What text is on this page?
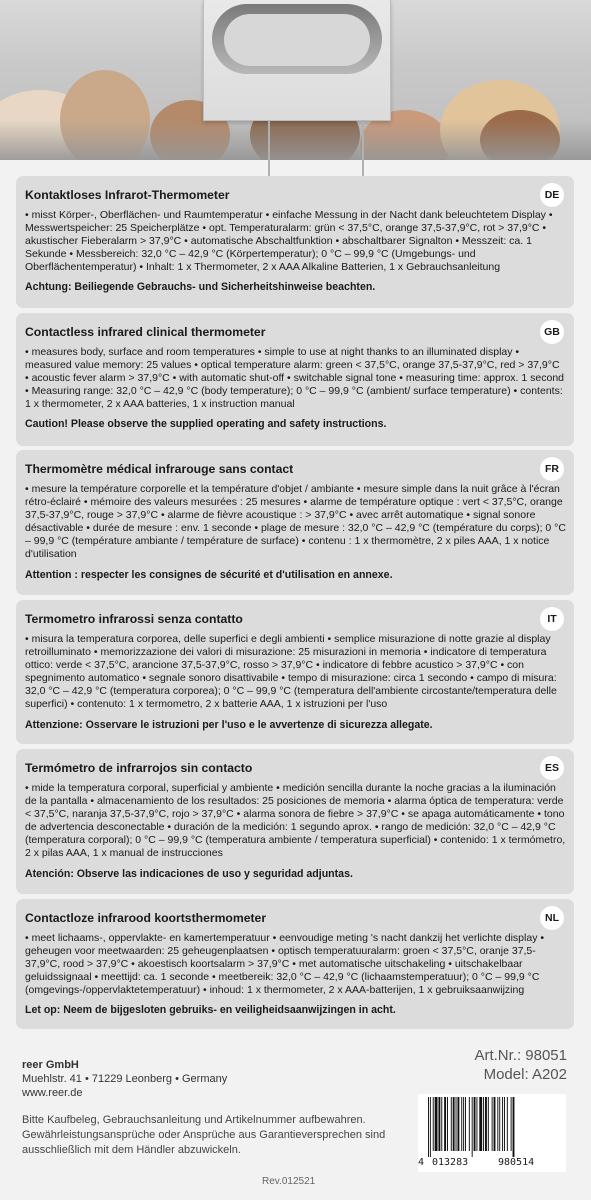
DE
Kontaktloses Infrarot-Thermometer
• misst Körper-, Oberflächen- und Raumtemperatur • einfache Messung in der Nacht dank beleuchtetem Display • Messwertspeicher: 25 Speicherplätze • opt. Temperaturalarm: grün < 37,5°C, orange 37,5-37,9°C, rot > 37,9°C • akustischer Fieberalarm > 37,9°C • automatische Abschaltfunktion • abschaltbarer Signalton • Messzeit: ca. 1 Sekunde • Messbereich: 32,0 °C – 42,9 °C (Körpertemperatur); 0 °C – 99,9 °C (Umgebungs- und Oberflächentemperatur) • Inhalt: 1 x Thermometer, 2 x AAA Alkaline Batterien, 1 x Gebrauchsanleitung
Achtung: Beiliegende Gebrauchs- und Sicherheitshinweise beachten.
GB
Contactless infrared clinical thermometer
• measures body, surface and room temperatures • simple to use at night thanks to an illuminated display • measured value memory: 25 values • optical temperature alarm: green < 37,5°C, orange 37,5-37,9°C, red > 37,9°C • acoustic fever alarm > 37,9°C • with automatic shut-off • switchable signal tone • measuring time: approx. 1 second • Measuring range: 32,0 °C – 42,9 °C (body temperature); 0 °C – 99,9 °C (ambient/ surface temperature) • contents: 1 x thermometer, 2 x AAA batteries, 1 x instruction manual
Caution! Please observe the supplied operating and safety instructions.
FR
Thermomètre médical infrarouge sans contact
• mesure la température corporelle et la température d'objet / ambiante • mesure simple dans la nuit grâce à l'écran rétro-éclairé • mémoire des valeurs mesurées : 25 mesures • alarme de température optique : vert < 37,5°C, orange 37,5-37,9°C, rouge > 37,9°C • alarme de fièvre acoustique : > 37,9°C • avec arrêt automatique • signal sonore désactivable • durée de mesure : env. 1 seconde • plage de mesure : 32,0 °C – 42,9 °C (température du corps); 0 °C – 99,9 °C (température ambiante / température de surface) • contenu : 1 x thermomètre, 2 x piles AAA, 1 x notice d'utilisation
Attention : respecter les consignes de sécurité et d'utilisation en annexe.
IT
Termometro infrarossi senza contatto
• misura la temperatura corporea, delle superfici e degli ambienti • semplice misurazione di notte grazie al display retroilluminato • memorizzazione dei valori di misurazione: 25 misurazioni in memoria • indicatore di temperatura ottico: verde < 37,5°C, arancione 37,5-37,9°C, rosso > 37,9°C • indicatore di febbre acustico > 37,9°C • con spegnimento automatico • segnale sonoro disattivabile • tempo di misurazione: circa 1 secondo • campo di misura: 32,0 °C – 42,9 °C (temperatura corporea); 0 °C – 99,9 °C (temperatura dell'ambiente circostante/temperatura delle superfici) • contenuto: 1 x termometro, 2 x batterie AAA, 1 x istruzioni per l'uso
Attenzione: Osservare le istruzioni per l'uso e le avvertenze di sicurezza allegate.
ES
Termómetro de infrarrojos sin contacto
• mide la temperatura corporal, superficial y ambiente • medición sencilla durante la noche gracias a la iluminación de la pantalla • almacenamiento de los resultados: 25 posiciones de memoria • alarma óptica de temperatura: verde < 37,5°C, naranja 37,5-37,9°C, rojo > 37,9°C • alarma sonora de fiebre > 37,9°C • se apaga automáticamente • tono de advertencia desconectable • duración de la medición: 1 segundo aprox. • rango de medición: 32,0 °C – 42,9 °C (temperatura corporal); 0 °C – 99,9 °C (temperatura ambiente / temperatura superficial) • contenido: 1 x termómetro, 2 x pilas AAA, 1 x manual de instrucciones
Atención: Observe las indicaciones de uso y seguridad adjuntas.
NL
Contactloze infrarood koortsthermometer
• meet lichaams-, oppervlakte- en kamertemperatuur • eenvoudige meting 's nacht dankzij het verlichte display • geheugen voor meetwaarden: 25 geheugenplaatsen • optisch temperatuuralarm: groen < 37,5°C, oranje 37,5-37,9°C, rood > 37,9°C • akoestisch koortsalarm > 37,9°C • met automatische uitschakeling • uitschakelbaar geluidssignaal • meettijd: ca. 1 seconde • meetbereik: 32,0 °C – 42,9 °C (lichaamstemperatuur); 0 °C – 99,9 °C (omgevings-/oppervlaktetemperatuur) • inhoud: 1 x thermometer, 2 x AAA-batterijen, 1 x gebruiksaanwijzing
Let op: Neem de bijgesloten gebruiks- en veiligheidsaanwijzingen in acht.
reer GmbH
Muehlstr. 41 • 71229 Leonberg • Germany
www.reer.de
Art.Nr.: 98051
Model: A202
Bitte Kaufbeleg, Gebrauchsanleitung und Artikelnummer aufbewahren. Gewährleistungsansprüche oder Ansprüche aus Garantieversprechen sind ausschließlich mit dem Händler abzuwickeln.
Rev.012521
4 013283	980514
